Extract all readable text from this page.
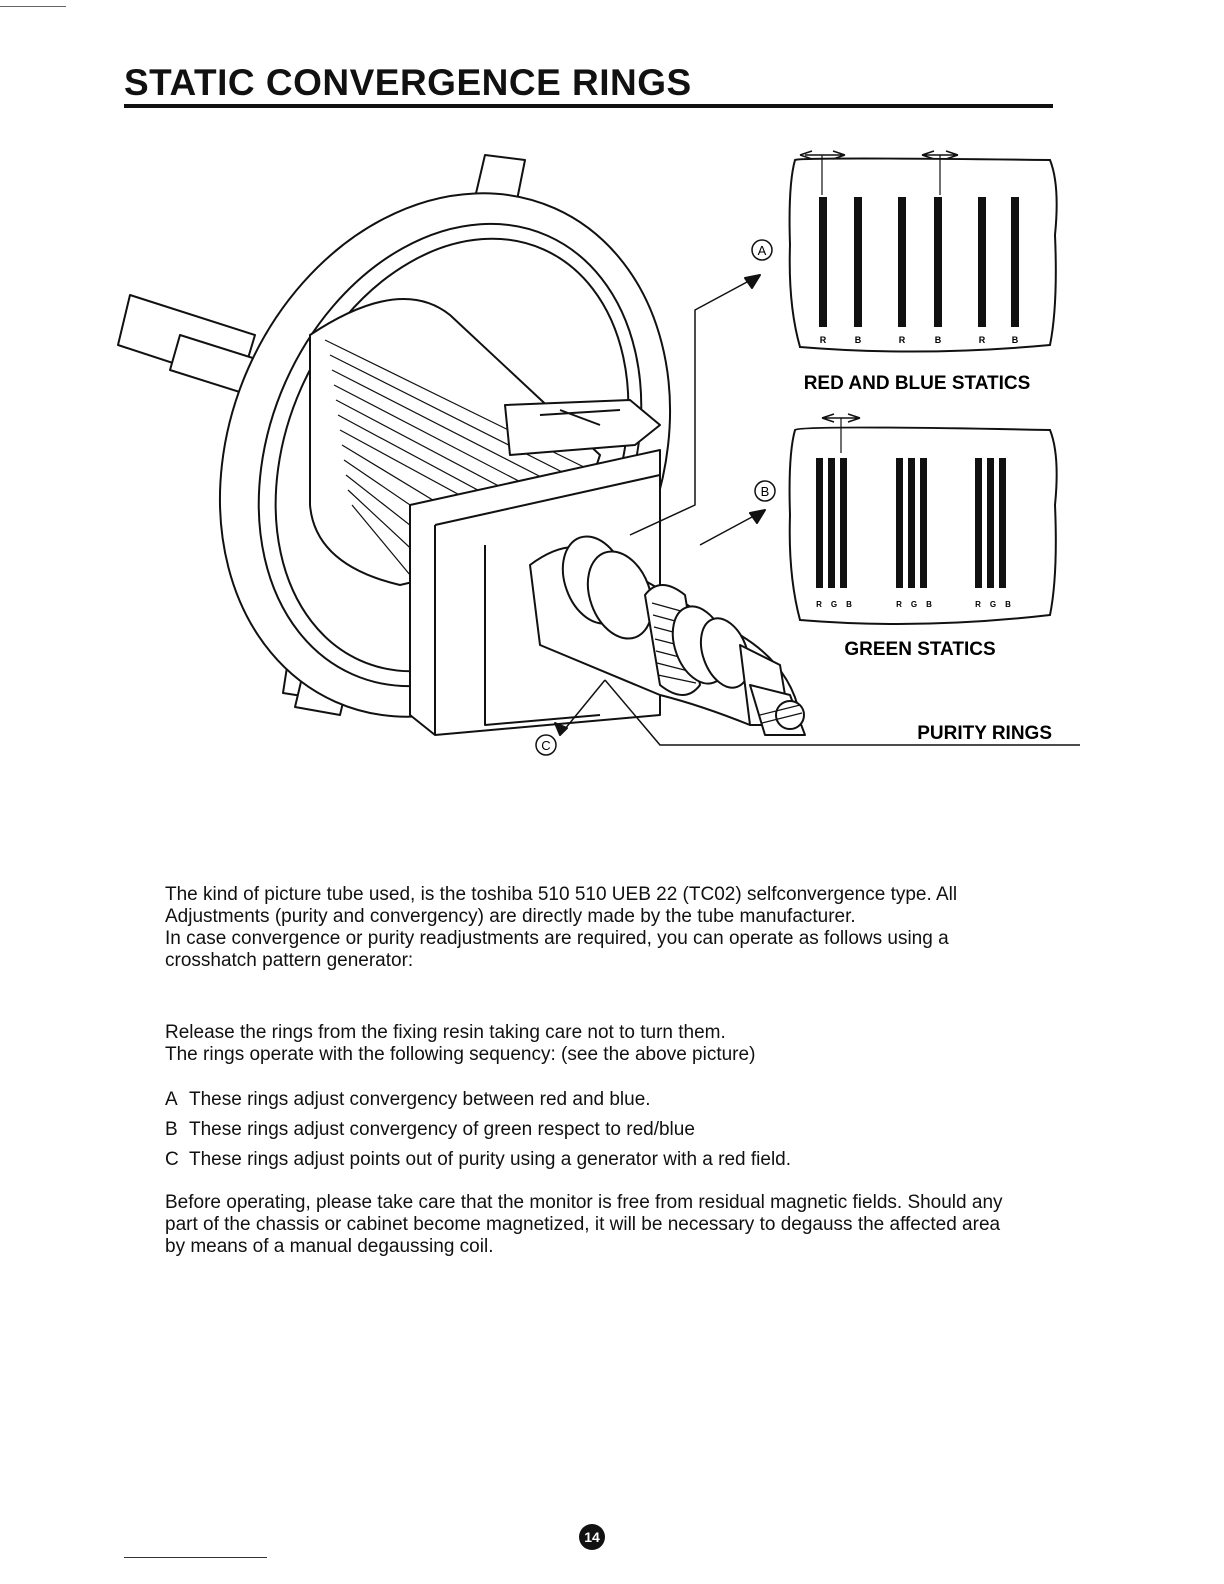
STATIC CONVERGENCE RINGS
A
B
C
R	B	R	B	R	B
RED AND BLUE STATICS
R G B	R G B	R G B
GREEN STATICS
PURITY RINGS

The kind of picture tube used, is the toshiba 510 510 UEB 22 (TC02) selfconvergence type. All Adjustments (purity and convergency) are directly made by the tube manufacturer.
In case convergence or purity readjustments are required, you can operate as follows using a crosshatch pattern generator:

Release the rings from the fixing resin taking care not to turn them.
The rings operate with the following sequency: (see the above picture)

A These rings adjust convergency between red and blue.
B These rings adjust convergency of green respect to red/blue
C These rings adjust points out of purity using a generator with a red field.

Before operating, please take care that the monitor is free from residual magnetic fields. Should any part of the chassis or cabinet become magnetized, it will be necessary to degauss the affected area by means of a manual degaussing coil.

14
